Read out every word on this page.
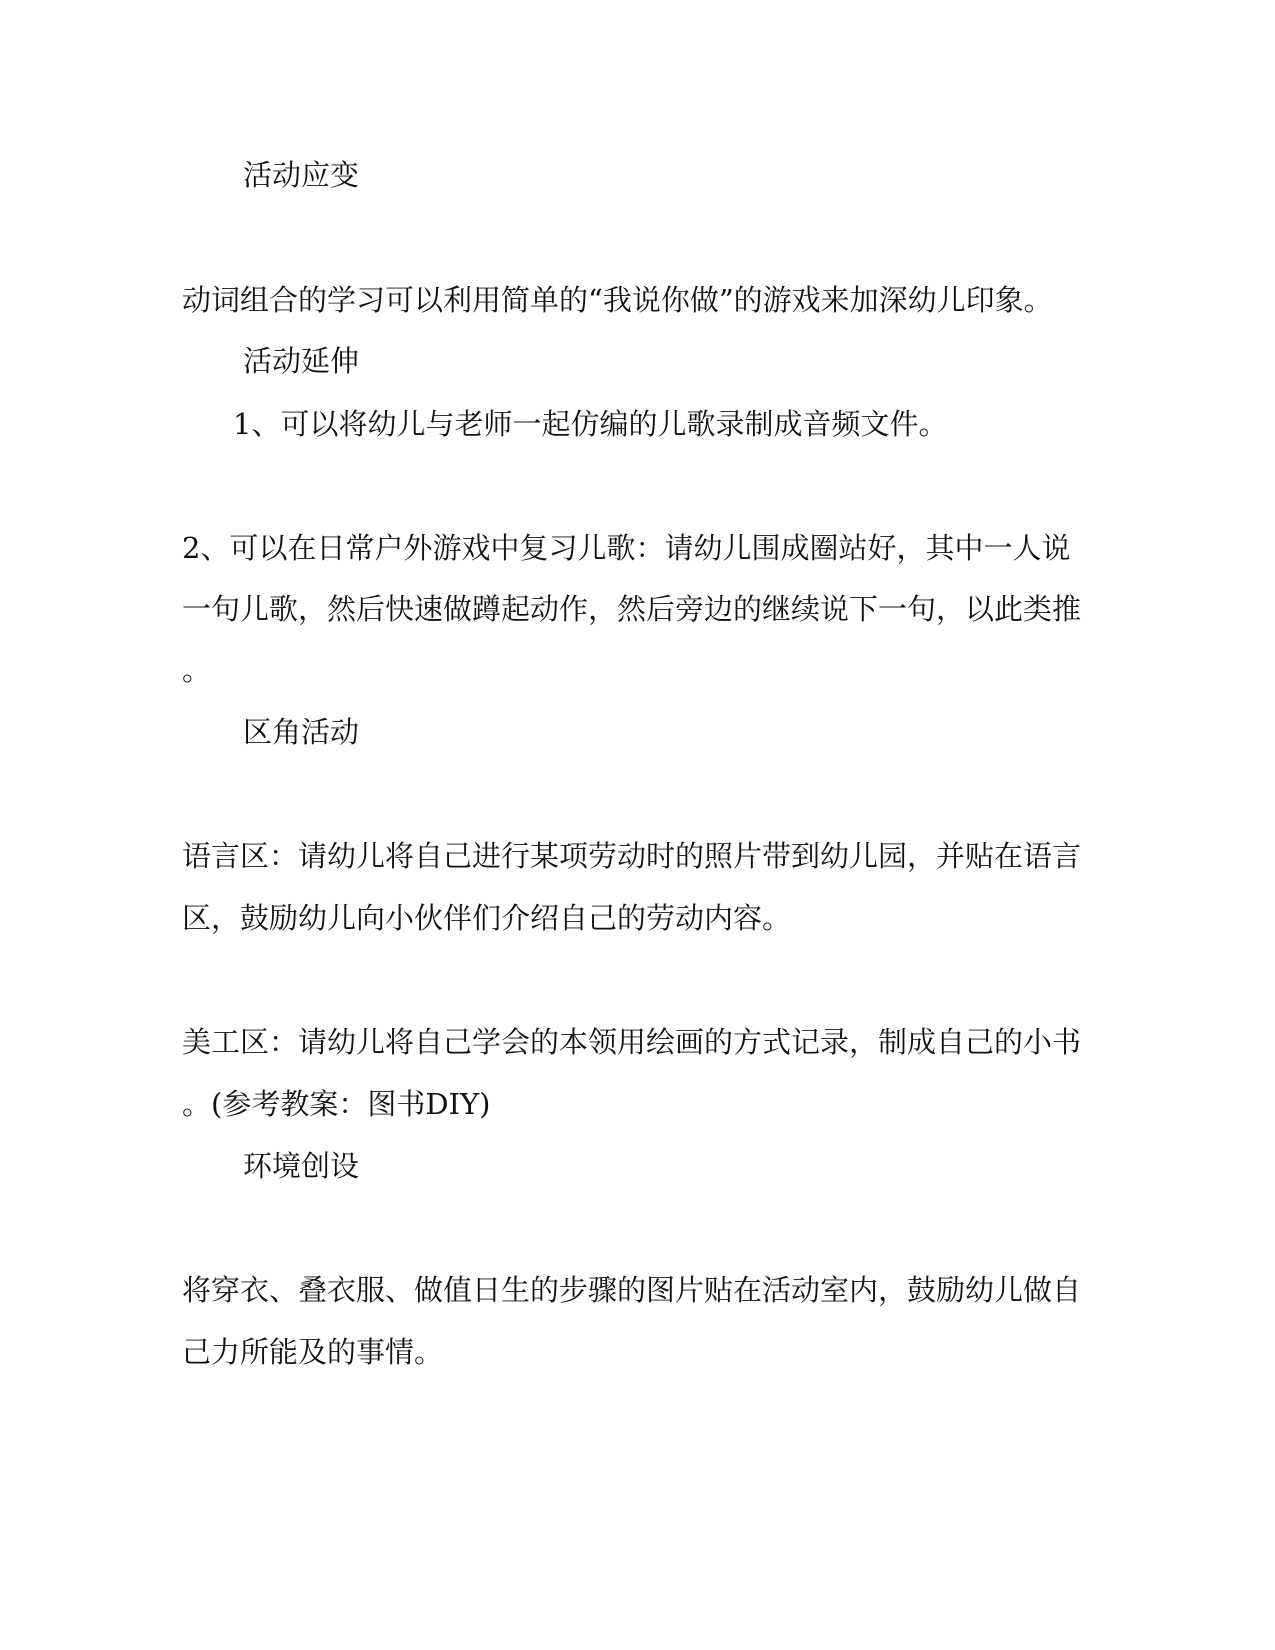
活动应变
动词组合的学习可以利用简单的“我说你做”的游戏来加深幼儿印象。
活动延伸
1、可以将幼儿与老师一起仿编的儿歌录制成音频文件。
2、可以在日常户外游戏中复习儿歌：请幼儿围成圈站好，其中一人说
一句儿歌，然后快速做蹲起动作，然后旁边的继续说下一句，以此类推
。
区角活动
语言区：请幼儿将自己进行某项劳动时的照片带到幼儿园，并贴在语言
区，鼓励幼儿向小伙伴们介绍自己的劳动内容。
美工区：请幼儿将自己学会的本领用绘画的方式记录，制成自己的小书
。(参考教案：图书DIY)
环境创设
将穿衣、叠衣服、做值日生的步骤的图片贴在活动室内，鼓励幼儿做自
己力所能及的事情。
